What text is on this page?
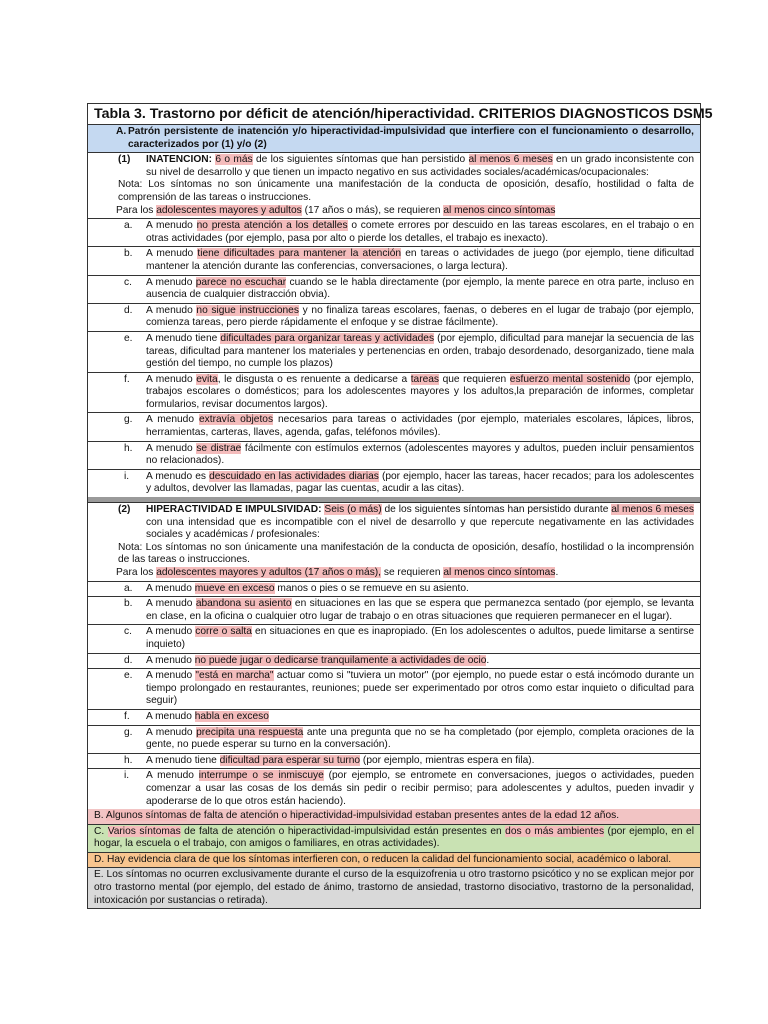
Tabla 3. Trastorno por déficit de atención/hiperactividad. CRITERIOS DIAGNOSTICOS DSM5
A. Patrón persistente de inatención y/o hiperactividad-impulsividad que interfiere con el funcionamiento o desarrollo, caracterizados por (1) y/o (2)
(1)	INATENCION: 6 o más de los siguientes síntomas que han persistido al menos 6 meses en un grado inconsistente con su nivel de desarrollo y que tienen un impacto negativo en sus actividades sociales/académicas/ocupacionales:
Nota: Los síntomas no son únicamente una manifestación de la conducta de oposición, desafío, hostilidad o falta de comprensión de las tareas o instrucciones.
Para los adolescentes mayores y adultos (17 años o más), se requieren al menos cinco síntomas
a.	A menudo no presta atención a los detalles o comete errores por descuido en las tareas escolares, en el trabajo o en otras actividades (por ejemplo, pasa por alto o pierde los detalles, el trabajo es inexacto).
b.	A menudo tiene dificultades para mantener la atención en tareas o actividades de juego (por ejemplo, tiene dificultad mantener la atención durante las conferencias, conversaciones, o larga lectura).
c.	A menudo parece no escuchar cuando se le habla directamente (por ejemplo, la mente parece en otra parte, incluso en ausencia de cualquier distracción obvia).
d.	A menudo no sigue instrucciones y no finaliza tareas escolares, faenas, o deberes en el lugar de trabajo (por ejemplo, comienza tareas, pero pierde rápidamente el enfoque y se distrae fácilmente).
e.	A menudo tiene dificultades para organizar tareas y actividades (por ejemplo, dificultad para manejar la secuencia de las tareas, dificultad para mantener los materiales y pertenencias en orden, trabajo desordenado, desorganizado, tiene mala gestión del tiempo, no cumple los plazos)
f.	A menudo evita, le disgusta o es renuente a dedicarse a tareas que requieren esfuerzo mental sostenido (por ejemplo, trabajos escolares o domésticos; para los adolescentes mayores y los adultos,la preparación de informes, completar formularios, revisar documentos largos).
g.	A menudo extravía objetos necesarios para tareas o actividades (por ejemplo, materiales escolares, lápices, libros, herramientas, carteras, llaves, agenda, gafas, teléfonos móviles).
h.	A menudo se distrae fácilmente con estímulos externos (adolescentes mayores y adultos, pueden incluir pensamientos no relacionados).
i.	A menudo es descuidado en las actividades diarias (por ejemplo, hacer las tareas, hacer recados; para los adolescentes y adultos, devolver las llamadas, pagar las cuentas, acudir a las citas).
(2)	HIPERACTIVIDAD E IMPULSIVIDAD: Seis (o más) de los siguientes síntomas han persistido durante al menos 6 meses con una intensidad que es incompatible con el nivel de desarrollo y que repercute negativamente en las actividades sociales y académicas / profesionales:
Nota: Los síntomas no son únicamente una manifestación de la conducta de oposición, desafío, hostilidad o la incomprensión de las tareas o instrucciones.
Para los adolescentes mayores y adultos (17 años o más), se requieren al menos cinco síntomas.
a.	A menudo mueve en exceso manos o pies o se remueve en su asiento.
b.	A menudo abandona su asiento en situaciones en las que se espera que permanezca sentado (por ejemplo, se levanta en clase, en la oficina o cualquier otro lugar de trabajo o en otras situaciones que requieren permanecer en el lugar).
c.	A menudo corre o salta en situaciones en que es inapropiado. (En los adolescentes o adultos, puede limitarse a sentirse inquieto)
d.	A menudo no puede jugar o dedicarse tranquilamente a actividades de ocio.
e.	A menudo "está en marcha" actuar como si "tuviera un motor" (por ejemplo, no puede estar o está incómodo durante un tiempo prolongado en restaurantes, reuniones; puede ser experimentado por otros como estar inquieto o dificultad para seguir)
f.	A menudo habla en exceso
g.	A menudo precipita una respuesta ante una pregunta que no se ha completado (por ejemplo, completa oraciones de la gente, no puede esperar su turno en la conversación).
h.	A menudo tiene dificultad para esperar su turno (por ejemplo, mientras espera en fila).
i.	A menudo interrumpe o se inmiscuye (por ejemplo, se entromete en conversaciones, juegos o actividades, pueden comenzar a usar las cosas de los demás sin pedir o recibir permiso; para adolescentes y adultos, pueden invadir y apoderarse de lo que otros están haciendo).
B. Algunos síntomas de falta de atención o hiperactividad-impulsividad estaban presentes antes de la edad 12 años.
C. Varios síntomas de falta de atención o hiperactividad-impulsividad están presentes en dos o más ambientes (por ejemplo, en el hogar, la escuela o el trabajo, con amigos o familiares, en otras actividades).
D. Hay evidencia clara de que los síntomas interfieren con, o reducen la calidad del funcionamiento social, académico o laboral.
E. Los síntomas no ocurren exclusivamente durante el curso de la esquizofrenia u otro trastorno psicótico y no se explican mejor por otro trastorno mental (por ejemplo, del estado de ánimo, trastorno de ansiedad, trastorno disociativo, trastorno de la personalidad, intoxicación por sustancias o retirada).
